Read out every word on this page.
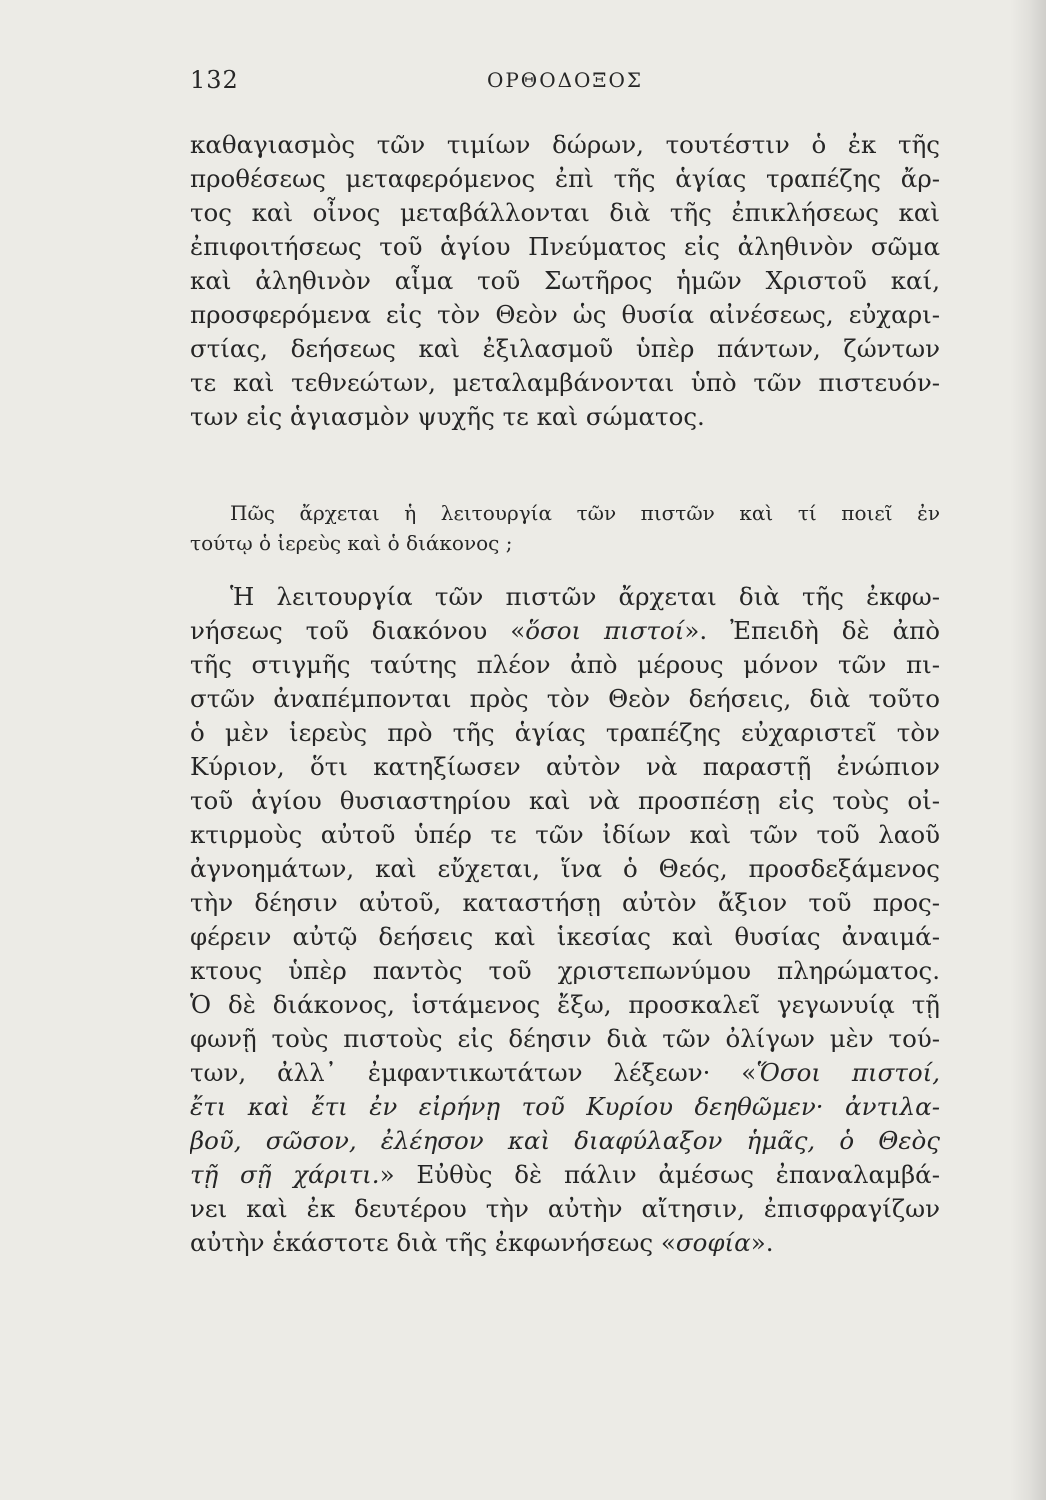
132	ΟΡΘΟΔΟΞΟΣ
καθαγιασμὸς τῶν τιμίων δώρων, τουτέστιν ὁ ἐκ τῆς
προθέσεως μεταφερόμενος ἐπὶ τῆς ἁγίας τραπέζης ἄρ-
τος καὶ οἶνος μεταβάλλονται διὰ τῆς ἐπικλήσεως καὶ
ἐπιφοιτήσεως τοῦ ἁγίου Πνεύματος εἰς ἀληθινὸν σῶμα
καὶ ἀληθινὸν αἷμα τοῦ Σωτῆρος ἡμῶν Χριστοῦ καί,
προσφερόμενα εἰς τὸν Θεὸν ὡς θυσία αἰνέσεως, εὐχαρι-
στίας, δεήσεως καὶ ἐξιλασμοῦ ὑπὲρ πάντων, ζώντων
τε καὶ τεθνεώτων, μεταλαμβάνονται ὑπὸ τῶν πιστευόν-
των εἰς ἁγιασμὸν ψυχῆς τε καὶ σώματος.
Πῶς ἄρχεται ἡ λειτουργία τῶν πιστῶν καὶ τί ποιεῖ ἐν
τούτῳ ὁ ἱερεὺς καὶ ὁ διάκονος ;
Ἡ λειτουργία τῶν πιστῶν ἄρχεται διὰ τῆς ἐκφω-
νήσεως τοῦ διακόνου «ὅσοι πιστοί». Ἐπειδὴ δὲ ἀπὸ
τῆς στιγμῆς ταύτης πλέον ἀπὸ μέρους μόνον τῶν πι-
στῶν ἀναπέμπονται πρὸς τὸν Θεὸν δεήσεις, διὰ τοῦτο
ὁ μὲν ἱερεὺς πρὸ τῆς ἁγίας τραπέζης εὐχαριστεῖ τὸν
Κύριον, ὅτι κατηξίωσεν αὐτὸν νὰ παραστῇ ἐνώπιον
τοῦ ἁγίου θυσιαστηρίου καὶ νὰ προσπέσῃ εἰς τοὺς οἰ-
κτιρμοὺς αὐτοῦ ὑπέρ τε τῶν ἰδίων καὶ τῶν τοῦ λαοῦ
ἀγνοημάτων, καὶ εὔχεται, ἵνα ὁ Θεός, προσδεξάμενος
τὴν δέησιν αὐτοῦ, καταστήσῃ αὐτὸν ἄξιον τοῦ προς-
φέρειν αὐτῷ δεήσεις καὶ ἱκεσίας καὶ θυσίας ἀναιμά-
κτους ὑπὲρ παντὸς τοῦ χριστεπωνύμου πληρώματος.
Ὁ δὲ διάκονος, ἱστάμενος ἔξω, προσκαλεῖ γεγωνυίᾳ τῇ
φωνῇ τοὺς πιστοὺς εἰς δέησιν διὰ τῶν ὀλίγων μὲν τού-
των, ἀλλ᾽ ἐμφαντικωτάτων λέξεων· «Ὅσοι πιστοί,
ἔτι καὶ ἔτι ἐν εἰρήνῃ τοῦ Κυρίου δεηθῶμεν· ἀντιλα-
βοῦ, σῶσον, ἐλέησον καὶ διαφύλαξον ἡμᾶς, ὁ Θεὸς
τῇ σῇ χάριτι.» Εὐθὺς δὲ πάλιν ἀμέσως ἐπαναλαμβά-
νει καὶ ἐκ δευτέρου τὴν αὐτὴν αἴτησιν, ἐπισφραγίζων
αὐτὴν ἑκάστοτε διὰ τῆς ἐκφωνήσεως «σοφία».
